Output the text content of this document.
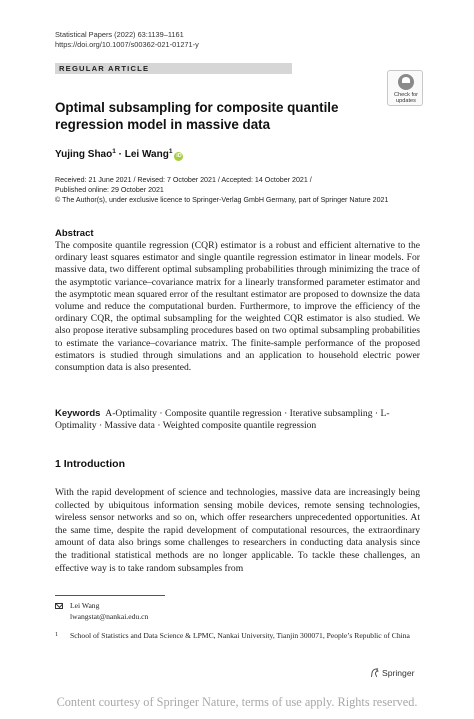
Statistical Papers (2022) 63:1139–1161
https://doi.org/10.1007/s00362-021-01271-y
REGULAR ARTICLE
Check for
updates
Optimal subsampling for composite quantile regression model in massive data
Yujing Shao$^1$ · Lei Wang$^1$iD
Received: 21 June 2021 / Revised: 7 October 2021 / Accepted: 14 October 2021 /
Published online: 29 October 2021
© The Author(s), under exclusive licence to Springer-Verlag GmbH Germany, part of Springer Nature 2021
Abstract

The composite quantile regression (CQR) estimator is a robust and efficient alternative to the ordinary least squares estimator and single quantile regression estimator in linear models. For massive data, two different optimal subsampling probabilities through minimizing the trace of the asymptotic variance–covariance matrix for a linearly transformed parameter estimator and the asymptotic mean squared error of the resultant estimator are proposed to downsize the data volume and reduce the computational burden. Furthermore, to improve the efficiency of the ordinary CQR, the optimal subsampling for the weighted CQR estimator is also studied. We also propose iterative subsampling procedures based on two optimal subsampling probabilities to estimate the variance–covariance matrix. The finite-sample performance of the proposed estimators is studied through simulations and an application to household electric power consumption data is also presented.

Keywords A-Optimality · Composite quantile regression · Iterative subsampling · L-Optimality · Massive data · Weighted composite quantile regression

1 Introduction

With the rapid development of science and technologies, massive data are increasingly being collected by ubiquitous information sensing mobile devices, remote sensing technologies, wireless sensor networks and so on, which offer researchers unprecedented opportunities. At the same time, despite the rapid development of computational resources, the extraordinary amount of data also brings some challenges to researchers in conducting data analysis since the traditional statistical methods are no longer applicable. To tackle these challenges, an effective way is to take random subsamples from

Lei Wang
lwangstat@nankai.edu.cn
1 School of Statistics and Data Science & LPMC, Nankai University, Tianjin 300071, People’s Republic of China
Springer
Content courtesy of Springer Nature, terms of use apply. Rights reserved.
